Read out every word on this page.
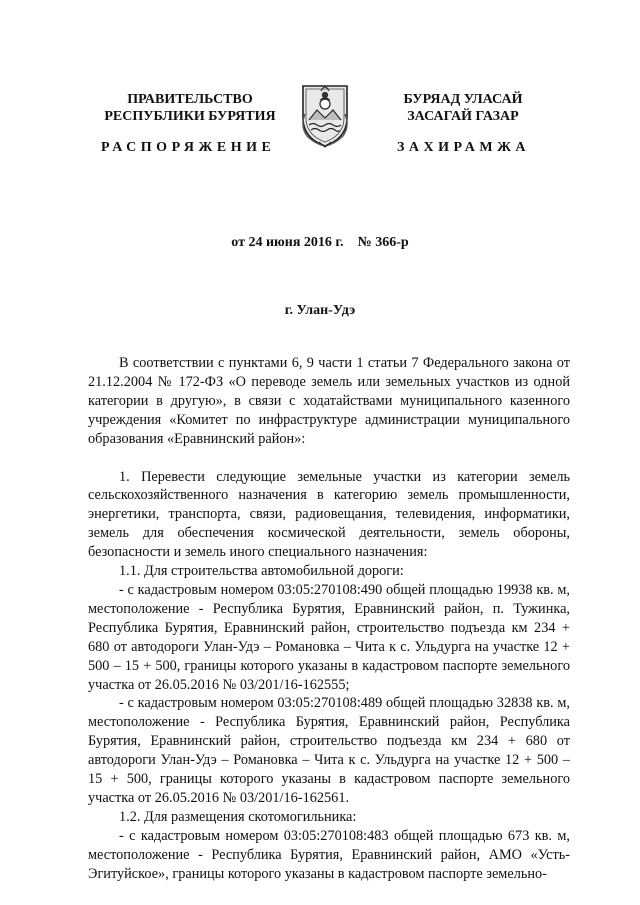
ПРАВИТЕЛЬСТВО
РЕСПУБЛИКИ БУРЯТИЯ
БУРЯАД УЛАСАЙ
ЗАСАГАЙ ГАЗАР
РАСПОРЯЖЕНИЕ	ЗАХИРАМЖА
от 24 июня 2016 г.    № 366-р
г. Улан-Удэ

В соответствии с пунктами 6, 9 части 1 статьи 7 Федерального закона от 21.12.2004 № 172-ФЗ «О переводе земель или земельных участков из одной категории в другую», в связи с ходатайствами муниципального казенного учреждения «Комитет по инфраструктуре администрации муниципального образования «Еравнинский район»:

1. Перевести следующие земельные участки из категории земель сельскохозяйственного назначения в категорию земель промышленности, энергетики, транспорта, связи, радиовещания, телевидения, информатики, земель для обеспечения космической деятельности, земель обороны, безопасности и земель иного специального назначения:

1.1. Для строительства автомобильной дороги:

- с кадастровым номером 03:05:270108:490 общей площадью 19938 кв. м, местоположение - Республика Бурятия, Еравнинский район, п. Тужинка, Республика Бурятия, Еравнинский район, строительство подъезда км 234 + 680 от автодороги Улан-Удэ – Романовка – Чита к с. Ульдурга на участке 12 + 500 – 15 + 500, границы которого указаны в кадастровом паспорте земельного участка от 26.05.2016 № 03/201/16-162555;

- с кадастровым номером 03:05:270108:489 общей площадью 32838 кв. м, местоположение - Республика Бурятия, Еравнинский район, Республика Бурятия, Еравнинский район, строительство подъезда км 234 + 680 от автодороги Улан-Удэ – Романовка – Чита к с. Ульдурга на участке 12 + 500 – 15 + 500, границы которого указаны в кадастровом паспорте земельного участка от 26.05.2016 № 03/201/16-162561.

1.2. Для размещения скотомогильника:

- с кадастровым номером 03:05:270108:483 общей площадью 673 кв. м, местоположение - Республика Бурятия, Еравнинский район, АМО «Усть-Эгитуйское», границы которого указаны в кадастровом паспорте земельно-
